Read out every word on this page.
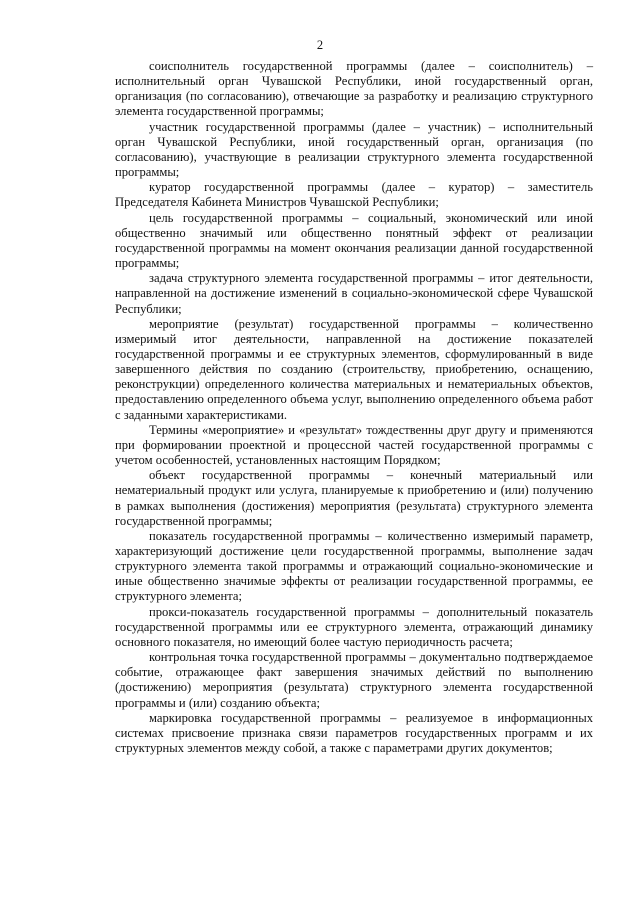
2

соисполнитель государственной программы (далее – соисполнитель) – исполнительный орган Чувашской Республики, иной государственный орган, организация (по согласованию), отвечающие за разработку и реализацию структурного элемента государственной программы;

участник государственной программы (далее – участник) – исполнительный орган Чувашской Республики, иной государственный орган, организация (по согласованию), участвующие в реализации структурного элемента государственной программы;

куратор государственной программы (далее – куратор) – заместитель Председателя Кабинета Министров Чувашской Республики;

цель государственной программы – социальный, экономический или иной общественно значимый или общественно понятный эффект от реализации государственной программы на момент окончания реализации данной государственной программы;

задача структурного элемента государственной программы – итог деятельности, направленной на достижение изменений в социально-экономической сфере Чувашской Республики;

мероприятие (результат) государственной программы – количественно измеримый итог деятельности, направленной на достижение показателей государственной программы и ее структурных элементов, сформулированный в виде завершенного действия по созданию (строительству, приобретению, оснащению, реконструкции) определенного количества материальных и нематериальных объектов, предоставлению определенного объема услуг, выполнению определенного объема работ с заданными характеристиками.

Термины «мероприятие» и «результат» тождественны друг другу и применяются при формировании проектной и процессной частей государственной программы с учетом особенностей, установленных настоящим Порядком;

объект государственной программы – конечный материальный или нематериальный продукт или услуга, планируемые к приобретению и (или) получению в рамках выполнения (достижения) мероприятия (результата) структурного элемента государственной программы;

показатель государственной программы – количественно измеримый параметр, характеризующий достижение цели государственной программы, выполнение задач структурного элемента такой программы и отражающий социально-экономические и иные общественно значимые эффекты от реализации государственной программы, ее структурного элемента;

прокси-показатель государственной программы – дополнительный показатель государственной программы или ее структурного элемента, отражающий динамику основного показателя, но имеющий более частую периодичность расчета;

контрольная точка государственной программы – документально подтверждаемое событие, отражающее факт завершения значимых действий по выполнению (достижению) мероприятия (результата) структурного элемента государственной программы и (или) созданию объекта;

маркировка государственной программы – реализуемое в информационных системах присвоение признака связи параметров государственных программ и их структурных элементов между собой, а также с параметрами других документов;
